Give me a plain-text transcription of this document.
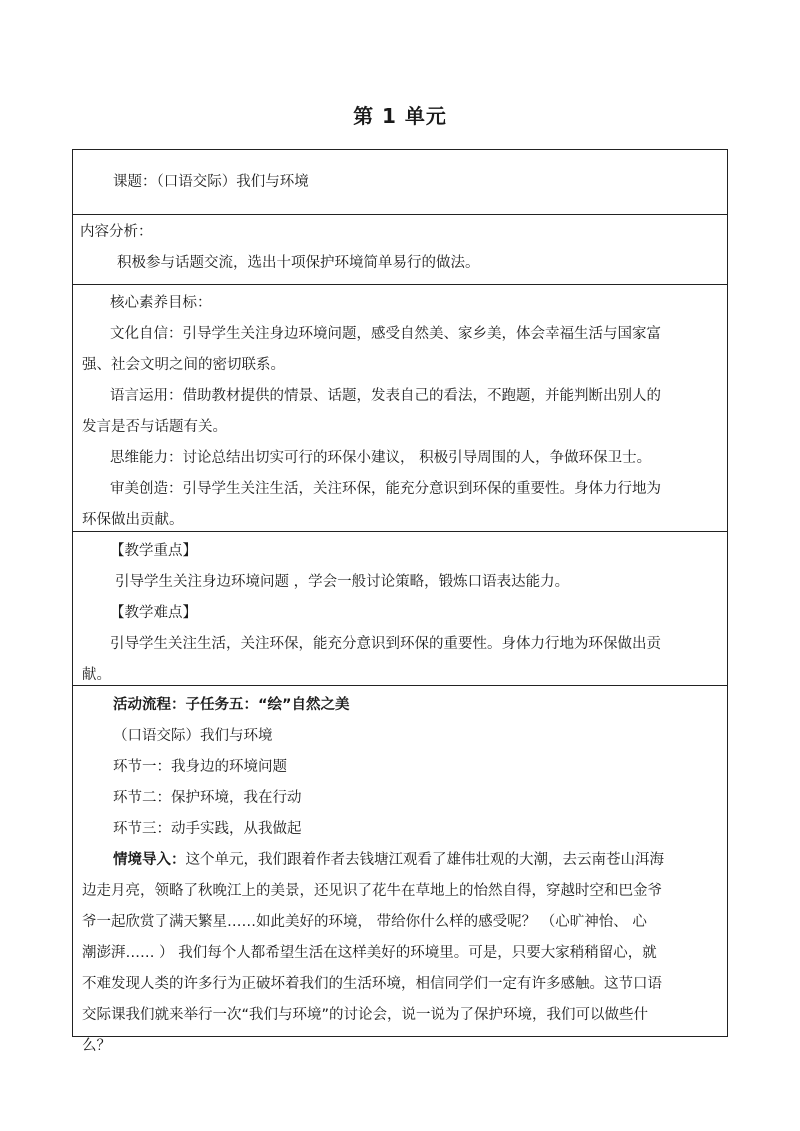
第 1 单元

课题：（口语交际）我们与环境

内容分析：

积极参与话题交流，选出十项保护环境简单易行的做法。

核心素养目标：

文化自信：引导学生关注身边环境问题，感受自然美、家乡美，体会幸福生活与国家富

强、社会文明之间的密切联系。

语言运用：借助教材提供的情景、话题，发表自己的看法，不跑题，并能判断出别人的

发言是否与话题有关。

思维能力：讨论总结出切实可行的环保小建议， 积极引导周围的人，争做环保卫士。

审美创造：引导学生关注生活，关注环保，能充分意识到环保的重要性。身体力行地为

环保做出贡献。

【教学重点】

引导学生关注身边环境问题 ，学会一般讨论策略，锻炼口语表达能力。

【教学难点】

引导学生关注生活，关注环保，能充分意识到环保的重要性。身体力行地为环保做出贡

献。

活动流程：子任务五：“绘”自然之美

（口语交际）我们与环境

环节一：我身边的环境问题

环节二：保护环境，我在行动

环节三：动手实践，从我做起

情境导入：这个单元，我们跟着作者去钱塘江观看了雄伟壮观的大潮，去云南苍山洱海

边走月亮，领略了秋晚江上的美景，还见识了花牛在草地上的怡然自得，穿越时空和巴金爷

爷一起欣赏了满天繁星……如此美好的环境， 带给你什么样的感受呢？ （心旷神怡、 心

潮澎湃…… ） 我们每个人都希望生活在这样美好的环境里。可是，只要大家稍稍留心，就

不难发现人类的许多行为正破坏着我们的生活环境，相信同学们一定有许多感触。这节口语

交际课我们就来举行一次“我们与环境”的讨论会，说一说为了保护环境，我们可以做些什

么？
